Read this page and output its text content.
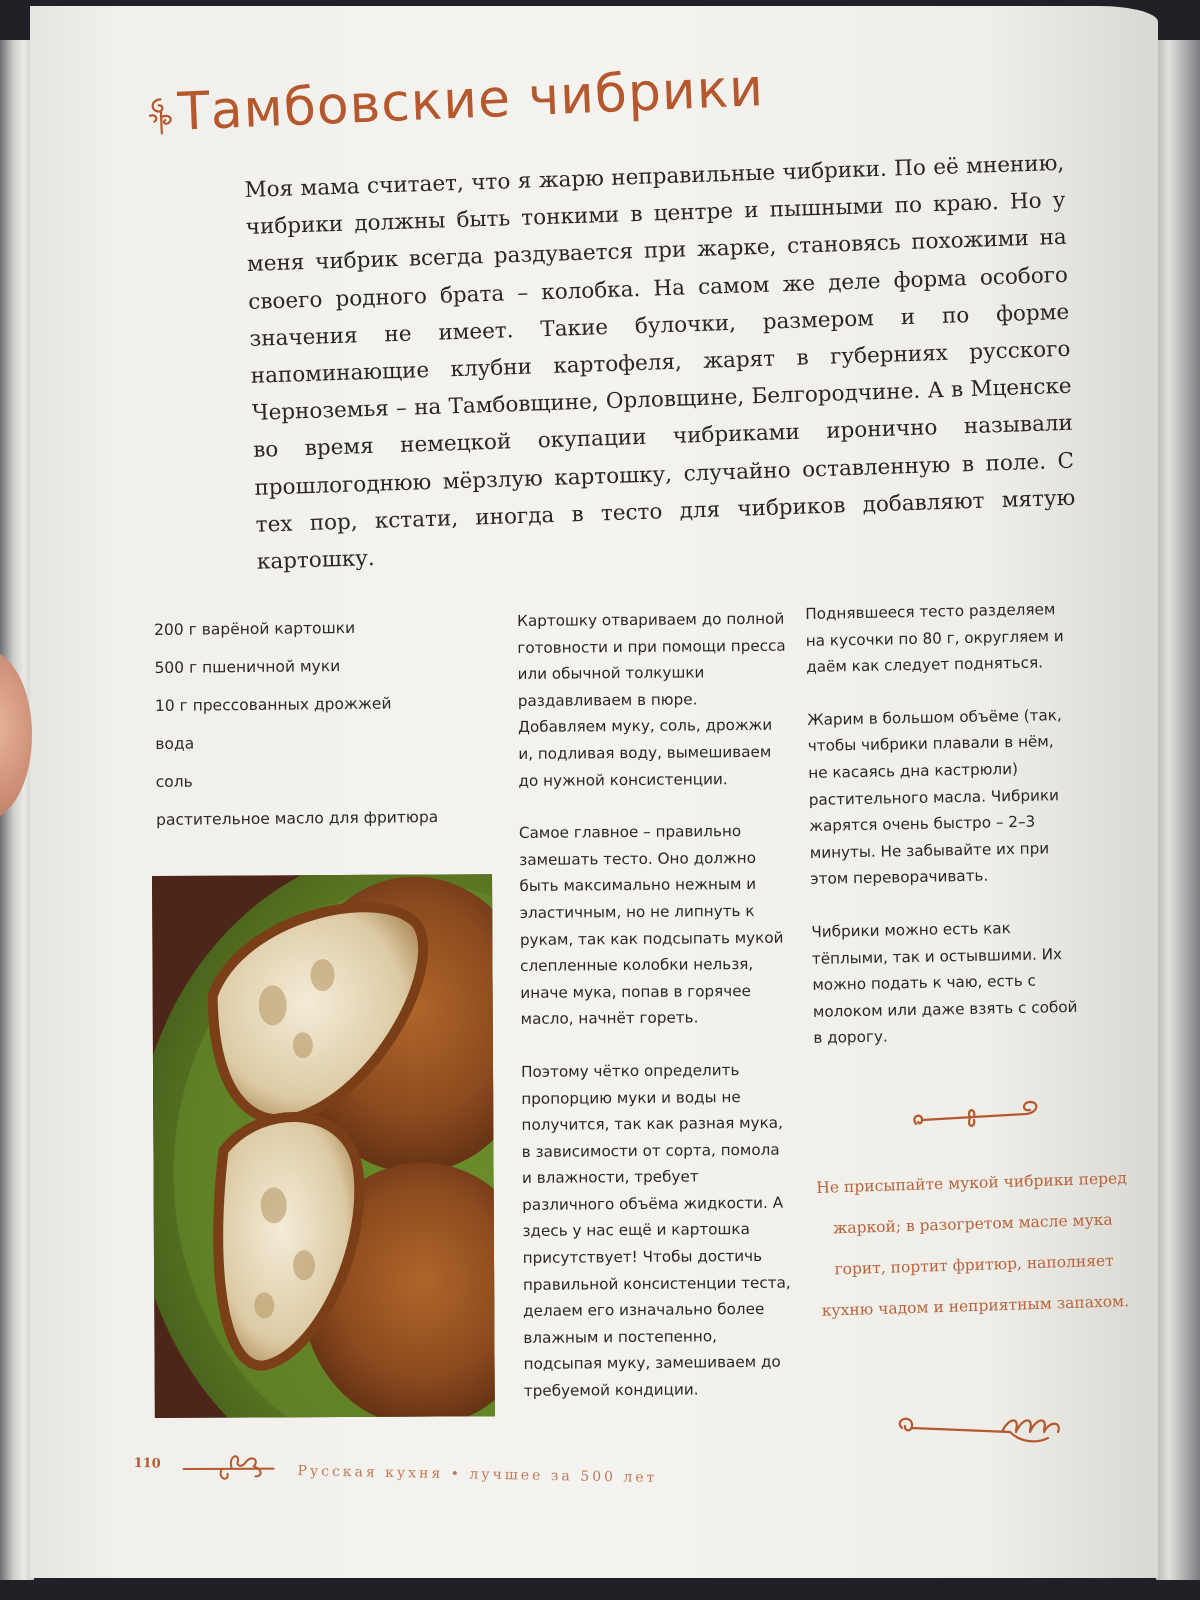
Тамбовские чибрики
Моя мама считает, что я жарю неправильные чибрики. По её мнению, чибрики должны быть тонкими в центре и пышными по краю. Но у меня чибрик всегда раздувается при жарке, становясь похожими на своего родного брата – колобка. На самом же деле форма особого значения не имеет. Такие булочки, размером и по форме напоминающие клубни картофеля, жарят в губерниях русского Черноземья – на Тамбовщине, Орловщине, Белгородчине. А в Мценске во время немецкой окупации чибриками иронично называли прошлогоднюю мёрзлую картошку, случайно оставленную в поле. С тех пор, кстати, иногда в тесто для чибриков добавляют мятую картошку.
200 г варёной картошки
500 г пшеничной муки
10 г прессованных дрожжей
вода
соль
растительное масло для фритюра

Картошку отвариваем до полной готовности и при помощи пресса или обычной толкушки раздавливаем в пюре. Добавляем муку, соль, дрожжи и, подливая воду, вымешиваем до нужной консистенции.

Самое главное – правильно замешать тесто. Оно должно быть максимально нежным и эластичным, но не липнуть к рукам, так как подсыпать мукой слепленные колобки нельзя, иначе мука, попав в горячее масло, начнёт гореть.

Поэтому чётко определить пропорцию муки и воды не получится, так как разная мука, в зависимости от сорта, помола и влажности, требует различного объёма жидкости. А здесь у нас ещё и картошка присутствует! Чтобы достичь правильной консистенции теста, делаем его изначально более влажным и постепенно, подсыпая муку, замешиваем до требуемой кондиции.

Поднявшееся тесто разделяем на кусочки по 80 г, округляем и даём как следует подняться.

Жарим в большом объёме (так, чтобы чибрики плавали в нём, не касаясь дна кастрюли) растительного масла. Чибрики жарятся очень быстро – 2–3 минуты. Не забывайте их при этом переворачивать.

Чибрики можно есть как тёплыми, так и остывшими. Их можно подать к чаю, есть с молоком или даже взять с собой в дорогу.

Не присыпайте мукой чибрики перед жаркой; в разогретом масле мука горит, портит фритюр, наполняет кухню чадом и неприятным запахом.
110	Русская кухня • лучшее за 500 лет
